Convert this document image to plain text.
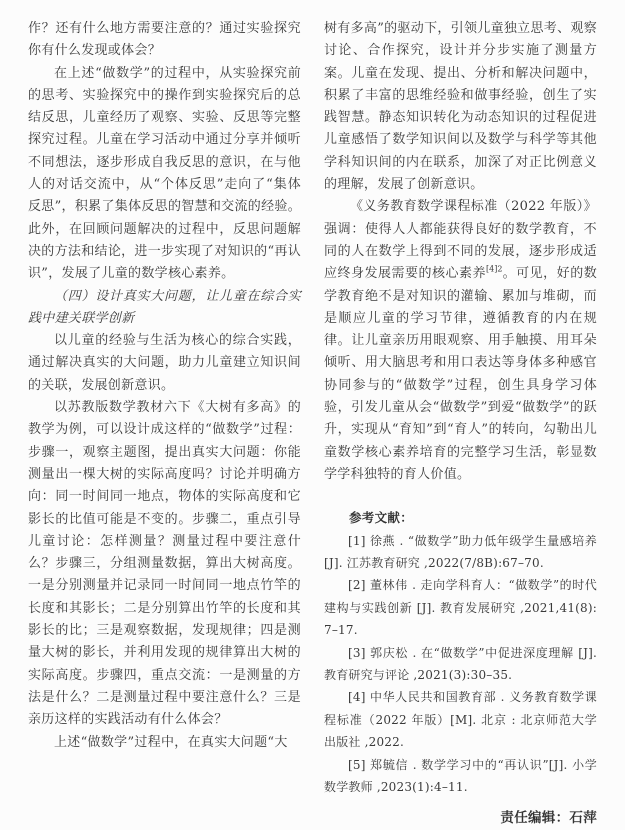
作？还有什么地方需要注意的？通过实验探究你有什么发现或体会？

在上述“做数学”的过程中，从实验探究前的思考、实验探究中的操作到实验探究后的总结反思，儿童经历了观察、实验、反思等完整探究过程。儿童在学习活动中通过分享并倾听不同想法，逐步形成自我反思的意识，在与他人的对话交流中，从“个体反思”走向了“集体反思”，积累了集体反思的智慧和交流的经验。此外，在回顾问题解决的过程中，反思问题解决的方法和结论，进一步实现了对知识的“再认识”，发展了儿童的数学核心素养。

（四）设计真实大问题，让儿童在综合实践中建关联学创新

以儿童的经验与生活为核心的综合实践，通过解决真实的大问题，助力儿童建立知识间的关联，发展创新意识。

以苏教版数学教材六下《大树有多高》的教学为例，可以设计成这样的“做数学”过程：步骤一，观察主题图，提出真实大问题：你能测量出一棵大树的实际高度吗？讨论并明确方向：同一时间同一地点，物体的实际高度和它影长的比值可能是不变的。步骤二，重点引导儿童讨论：怎样测量？测量过程中要注意什么？步骤三，分组测量数据，算出大树高度。一是分别测量并记录同一时间同一地点竹竿的长度和其影长；二是分别算出竹竿的长度和其影长的比；三是观察数据，发现规律；四是测量大树的影长，并利用发现的规律算出大树的实际高度。步骤四，重点交流：一是测量的方法是什么？二是测量过程中要注意什么？三是亲历这样的实践活动有什么体会？

上述“做数学”过程中，在真实大问题“大

树有多高”的驱动下，引领儿童独立思考、观察讨论、合作探究，设计并分步实施了测量方案。儿童在发现、提出、分析和解决问题中，积累了丰富的思维经验和做事经验，创生了实践智慧。静态知识转化为动态知识的过程促进儿童感悟了数学知识间以及数学与科学等其他学科知识间的内在联系，加深了对正比例意义的理解，发展了创新意识。

《义务教育数学课程标准（2022 年版）》强调：使得人人都能获得良好的数学教育，不同的人在数学上得到不同的发展，逐步形成适应终身发展需要的核心素养$^{[4]2}$。可见，好的数学教育绝不是对知识的灌输、累加与堆砌，而是顺应儿童的学习节律，遵循教育的内在规律。让儿童亲历用眼观察、用手触摸、用耳朵倾听、用大脑思考和用口表达等身体多种感官协同参与的“做数学”过程，创生具身学习体验，引发儿童从会“做数学”到爱“做数学”的跃升，实现从“育知”到“育人”的转向，勾勒出儿童数学核心素养培育的完整学习生活，彰显数学学科独特的育人价值。

参考文献：

[1] 徐燕 . “做数学”助力低年级学生量感培养 [J]. 江苏教育研究 ,2022(7/8B):67–70.

[2] 董林伟 . 走向学科育人：“做数学”的时代建构与实践创新 [J]. 教育发展研究 ,2021,41(8):7–17.

[3] 郭庆松 . 在“做数学”中促进深度理解 [J]. 教育研究与评论 ,2021(3):30–35.

[4] 中华人民共和国教育部 . 义务教育数学课程标准（2022 年版）[M]. 北京 : 北京师范大学出版社 ,2022.

[5] 郑毓信 . 数学学习中的“再认识”[J]. 小学数学教师 ,2023(1):4–11.

责任编辑：石萍
